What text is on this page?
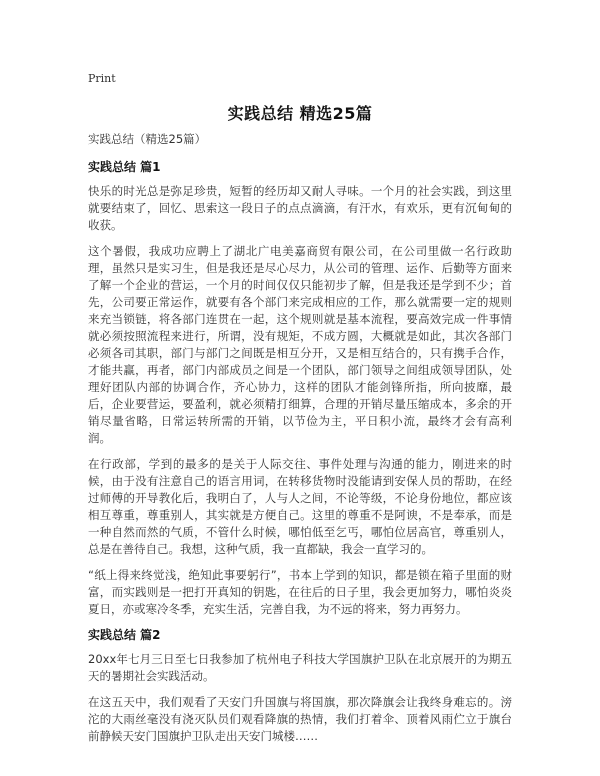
Print
实践总结 精选25篇
实践总结（精选25篇）
实践总结 篇1

快乐的时光总是弥足珍贵，短暂的经历却又耐人寻味。一个月的社会实践，到这里就要结束了，回忆、思索这一段日子的点点滴滴，有汗水，有欢乐，更有沉甸甸的收获。

这个暑假，我成功应聘上了湖北广电美嘉商贸有限公司，在公司里做一名行政助理，虽然只是实习生，但是我还是尽心尽力，从公司的管理、运作、后勤等方面来了解一个企业的营运，一个月的时间仅仅只能初步了解，但是我还是学到不少；首先，公司要正常运作，就要有各个部门来完成相应的工作，那么就需要一定的规则来充当锁链，将各部门连贯在一起，这个规则就是基本流程，要高效完成一件事情就必须按照流程来进行，所谓，没有规矩，不成方圆，大概就是如此，其次各部门必须各司其职，部门与部门之间既是相互分开，又是相互结合的，只有携手合作，才能共赢，再者，部门内部成员之间是一个团队，部门领导之间组成领导团队，处理好团队内部的协调合作，齐心协力，这样的团队才能剑锋所指，所向披靡，最后，企业要营运，要盈利，就必须精打细算，合理的开销尽量压缩成本，多余的开销尽量省略，日常运转所需的开销，以节俭为主，平日积小流，最终才会有高利润。

在行政部，学到的最多的是关于人际交往、事件处理与沟通的能力，刚进来的时候，由于没有注意自己的语言用词，在转移货物时没能请到安保人员的帮助，在经过师傅的开导教化后，我明白了，人与人之间，不论等级，不论身份地位，都应该相互尊重，尊重别人，其实就是方便自己。这里的尊重不是阿谀，不是奉承，而是一种自然而然的气质，不管什么时候，哪怕低至乞丐，哪怕位居高官，尊重别人，总是在善待自己。我想，这种气质，我一直都缺，我会一直学习的。

“纸上得来终觉浅，绝知此事要躬行”，书本上学到的知识，都是锁在箱子里面的财富，而实践则是一把打开真知的钥匙，在往后的日子里，我会更加努力，哪怕炎炎夏日，亦或寒冷冬季，充实生活，完善自我，为不远的将来，努力再努力。

实践总结 篇2

20xx年七月三日至七日我参加了杭州电子科技大学国旗护卫队在北京展开的为期五天的暑期社会实践活动。

在这五天中，我们观看了天安门升国旗与将国旗，那次降旗会让我终身难忘的。滂沱的大雨丝毫没有浇灭队员们观看降旗的热情，我们打着伞、顶着风雨伫立于旗台前静候天安门国旗护卫队走出天安门城楼……
